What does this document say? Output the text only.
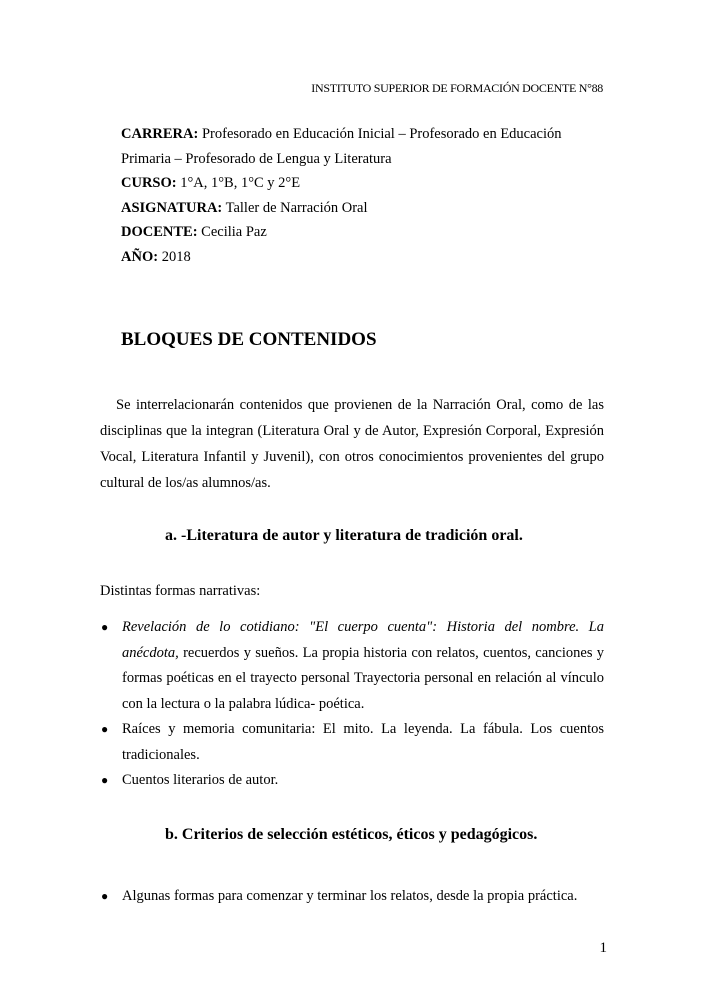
INSTITUTO SUPERIOR DE FORMACIÓN DOCENTE N°88

CARRERA: Profesorado en Educación Inicial – Profesorado en Educación Primaria – Profesorado de Lengua y Literatura

CURSO: 1°A, 1°B, 1°C y 2°E

ASIGNATURA: Taller de Narración Oral

DOCENTE: Cecilia Paz

AÑO: 2018

BLOQUES DE CONTENIDOS

Se interrelacionarán contenidos que provienen de la Narración Oral, como de las disciplinas que la integran (Literatura Oral y de Autor, Expresión Corporal, Expresión Vocal, Literatura Infantil y Juvenil), con otros conocimientos provenientes del grupo cultural de los/as alumnos/as.

a. -Literatura de autor y literatura de tradición oral.

Distintas formas narrativas:

● Revelación de lo cotidiano: "El cuerpo cuenta": Historia del nombre. La anécdota, recuerdos y sueños. La propia historia con relatos, cuentos, canciones y formas poéticas en el trayecto personal Trayectoria personal en relación al vínculo con la lectura o la palabra lúdica- poética.
● Raíces y memoria comunitaria: El mito. La leyenda. La fábula. Los cuentos tradicionales.
● Cuentos literarios de autor.
b. Criterios de selección estéticos, éticos y pedagógicos.
● Algunas formas para comenzar y terminar los relatos, desde la propia práctica.
1
